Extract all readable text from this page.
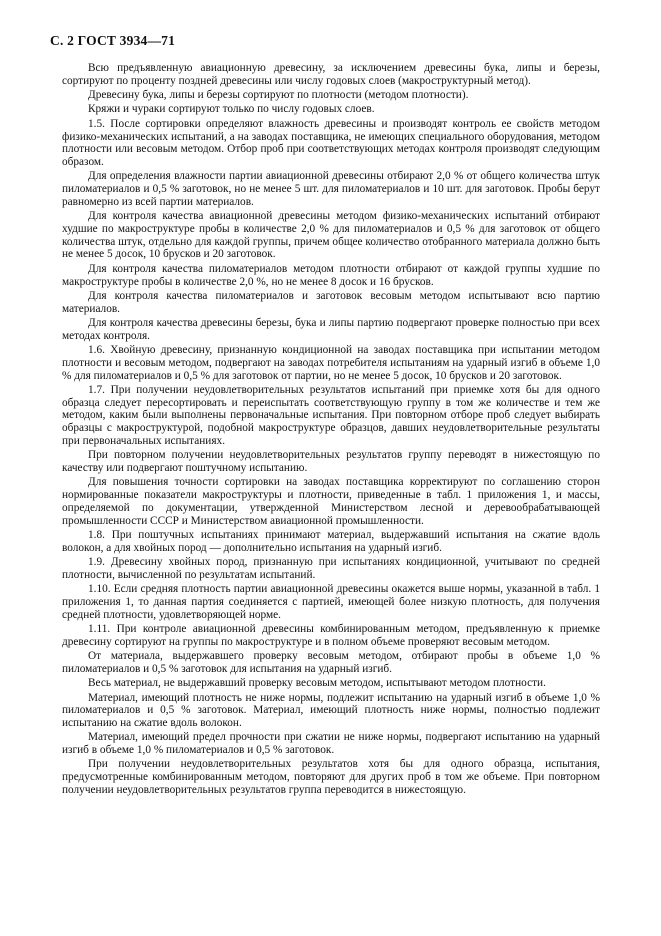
С. 2 ГОСТ 3934—71

Всю предъявленную авиационную древесину, за исключением древесины бука, липы и березы, сортируют по проценту поздней древесины или числу годовых слоев (макроструктурный метод).

Древесину бука, липы и березы сортируют по плотности (методом плотности).

Кряжи и чураки сортируют только по числу годовых слоев.

1.5. После сортировки определяют влажность древесины и производят контроль ее свойств методом физико-механических испытаний, а на заводах поставщика, не имеющих специального оборудования, методом плотности или весовым методом. Отбор проб при соответствующих методах контроля производят следующим образом.

Для определения влажности партии авиационной древесины отбирают 2,0 % от общего количества штук пиломатериалов и 0,5 % заготовок, но не менее 5 шт. для пиломатериалов и 10 шт. для заготовок. Пробы берут равномерно из всей партии материалов.

Для контроля качества авиационной древесины методом физико-механических испытаний отбирают худшие по макроструктуре пробы в количестве 2,0 % для пиломатериалов и 0,5 % для заготовок от общего количества штук, отдельно для каждой группы, причем общее количество отобранного материала должно быть не менее 5 досок, 10 брусков и 20 заготовок.

Для контроля качества пиломатериалов методом плотности отбирают от каждой группы худшие по макроструктуре пробы в количестве 2,0 %, но не менее 8 досок и 16 брусков.

Для контроля качества пиломатериалов и заготовок весовым методом испытывают всю партию материалов.

Для контроля качества древесины березы, бука и липы партию подвергают проверке полностью при всех методах контроля.

1.6. Хвойную древесину, признанную кондиционной на заводах поставщика при испытании методом плотности и весовым методом, подвергают на заводах потребителя испытаниям на ударный изгиб в объеме 1,0 % для пиломатериалов и 0,5 % для заготовок от партии, но не менее 5 досок, 10 брусков и 20 заготовок.

1.7. При получении неудовлетворительных результатов испытаний при приемке хотя бы для одного образца следует пересортировать и переиспытать соответствующую группу в том же количестве и тем же методом, каким были выполнены первоначальные испытания. При повторном отборе проб следует выбирать образцы с макроструктурой, подобной макроструктуре образцов, давших неудовлетворительные результаты при первоначальных испытаниях.

При повторном получении неудовлетворительных результатов группу переводят в нижестоящую по качеству или подвергают поштучному испытанию.

Для повышения точности сортировки на заводах поставщика корректируют по соглашению сторон нормированные показатели макроструктуры и плотности, приведенные в табл. 1 приложения 1, и массы, определяемой по документации, утвержденной Министерством лесной и деревообрабатывающей промышленности СССР и Министерством авиационной промышленности.

1.8. При поштучных испытаниях принимают материал, выдержавший испытания на сжатие вдоль волокон, а для хвойных пород — дополнительно испытания на ударный изгиб.

1.9. Древесину хвойных пород, признанную при испытаниях кондиционной, учитывают по средней плотности, вычисленной по результатам испытаний.

1.10. Если средняя плотность партии авиационной древесины окажется выше нормы, указанной в табл. 1 приложения 1, то данная партия соединяется с партией, имеющей более низкую плотность, для получения средней плотности, удовлетворяющей норме.

1.11. При контроле авиационной древесины комбинированным методом, предъявленную к приемке древесину сортируют на группы по макроструктуре и в полном объеме проверяют весовым методом.

От материала, выдержавшего проверку весовым методом, отбирают пробы в объеме 1,0 % пиломатериалов и 0,5 % заготовок для испытания на ударный изгиб.

Весь материал, не выдержавший проверку весовым методом, испытывают методом плотности.

Материал, имеющий плотность не ниже нормы, подлежит испытанию на ударный изгиб в объеме 1,0 % пиломатериалов и 0,5 % заготовок. Материал, имеющий плотность ниже нормы, полностью подлежит испытанию на сжатие вдоль волокон.

Материал, имеющий предел прочности при сжатии не ниже нормы, подвергают испытанию на ударный изгиб в объеме 1,0 % пиломатериалов и 0,5 % заготовок.

При получении неудовлетворительных результатов хотя бы для одного образца, испытания, предусмотренные комбинированным методом, повторяют для других проб в том же объеме. При повторном получении неудовлетворительных результатов группа переводится в нижестоящую.
